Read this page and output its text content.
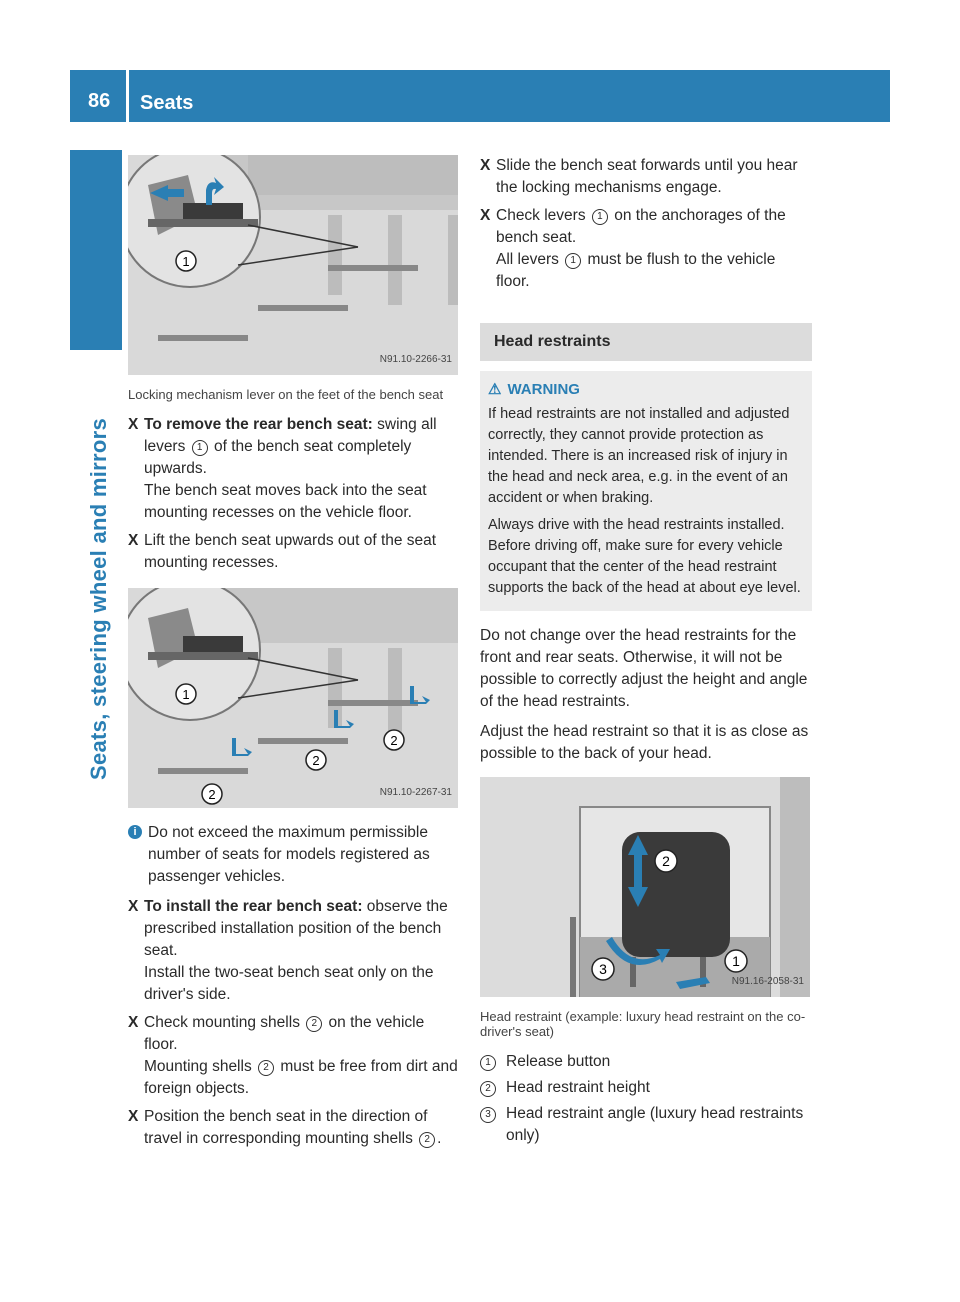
86 Seats
Seats, steering wheel and mirrors
1
N91.10-2266-31
Locking mechanism lever on the feet of the bench seat
X To remove the rear bench seat: swing all levers 1 of the bench seat completely upwards.
The bench seat moves back into the seat mounting recesses on the vehicle floor.
X Lift the bench seat upwards out of the seat mounting recesses.
1
2
2
2	N91.10-2267-31
i Do not exceed the maximum permissible number of seats for models registered as passenger vehicles.
X To install the rear bench seat: observe the prescribed installation position of the bench seat.
Install the two-seat bench seat only on the driver's side.
X Check mounting shells 2 on the vehicle floor.
Mounting shells 2 must be free from dirt and foreign objects.
X Position the bench seat in the direction of travel in corresponding mounting shells 2 .
X Slide the bench seat forwards until you hear the locking mechanisms engage.
X Check levers 1 on the anchorages of the bench seat.
All levers 1 must be flush to the vehicle floor.
Head restraints
⚠ WARNING

If head restraints are not installed and adjusted correctly, they cannot provide protection as intended. There is an increased risk of injury in the head and neck area, e.g. in the event of an accident or when braking.

Always drive with the head restraints installed. Before driving off, make sure for every vehicle occupant that the center of the head restraint supports the back of the head at about eye level.

Do not change over the head restraints for the front and rear seats. Otherwise, it will not be possible to correctly adjust the height and angle of the head restraints.

Adjust the head restraint so that it is as close as possible to the back of your head.

2
3	1
N91.16-2058-31
Head restraint (example: luxury head restraint on the co-driver's seat)
1 Release button
2 Head restraint height
3 Head restraint angle (luxury head restraints only)
